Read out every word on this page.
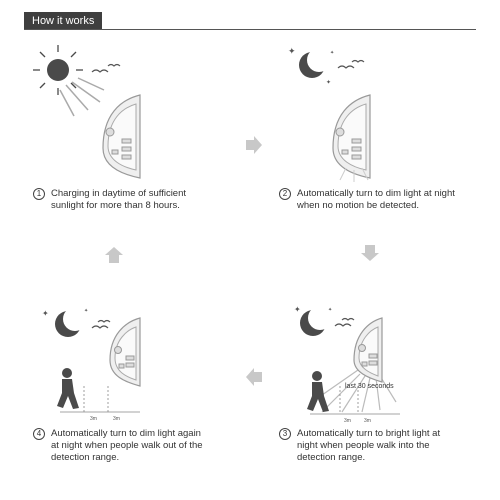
How it works
1	Charging in daytime of sufficient sunlight for more than 8 hours.
✦	✦
✦
2	Automatically turn to dim light at night when no motion be detected.
✦	✦
3m	3m
4	Automatically turn to dim light again at night when people walk out of the detection range.
✦	✦
last 30 seconds
3m	3m
3	Automatically turn to bright light at night when people walk into the detection range.
